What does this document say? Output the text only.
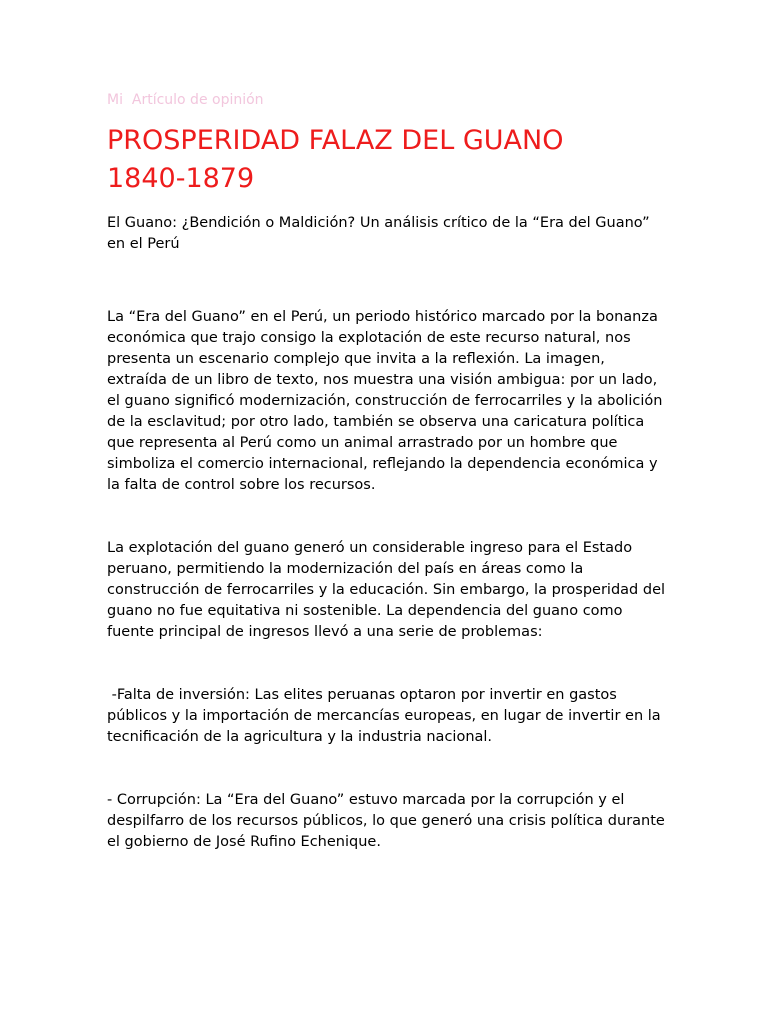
Mi  Artículo de opinión

PROSPERIDAD FALAZ DEL GUANO
1840-1879

El Guano: ¿Bendición o Maldición? Un análisis crítico de la “Era del Guano” en el Perú

La “Era del Guano” en el Perú, un periodo histórico marcado por la bonanza económica que trajo consigo la explotación de este recurso natural, nos presenta un escenario complejo que invita a la reflexión. La imagen, extraída de un libro de texto, nos muestra una visión ambigua: por un lado, el guano significó modernización, construcción de ferrocarriles y la abolición de la esclavitud; por otro lado, también se observa una caricatura política que representa al Perú como un animal arrastrado por un hombre que simboliza el comercio internacional, reflejando la dependencia económica y la falta de control sobre los recursos.

La explotación del guano generó un considerable ingreso para el Estado peruano, permitiendo la modernización del país en áreas como la construcción de ferrocarriles y la educación. Sin embargo, la prosperidad del guano no fue equitativa ni sostenible. La dependencia del guano como fuente principal de ingresos llevó a una serie de problemas:

-Falta de inversión: Las elites peruanas optaron por invertir en gastos públicos y la importación de mercancías europeas, en lugar de invertir en la tecnificación de la agricultura y la industria nacional.

- Corrupción: La “Era del Guano” estuvo marcada por la corrupción y el despilfarro de los recursos públicos, lo que generó una crisis política durante el gobierno de José Rufino Echenique.
